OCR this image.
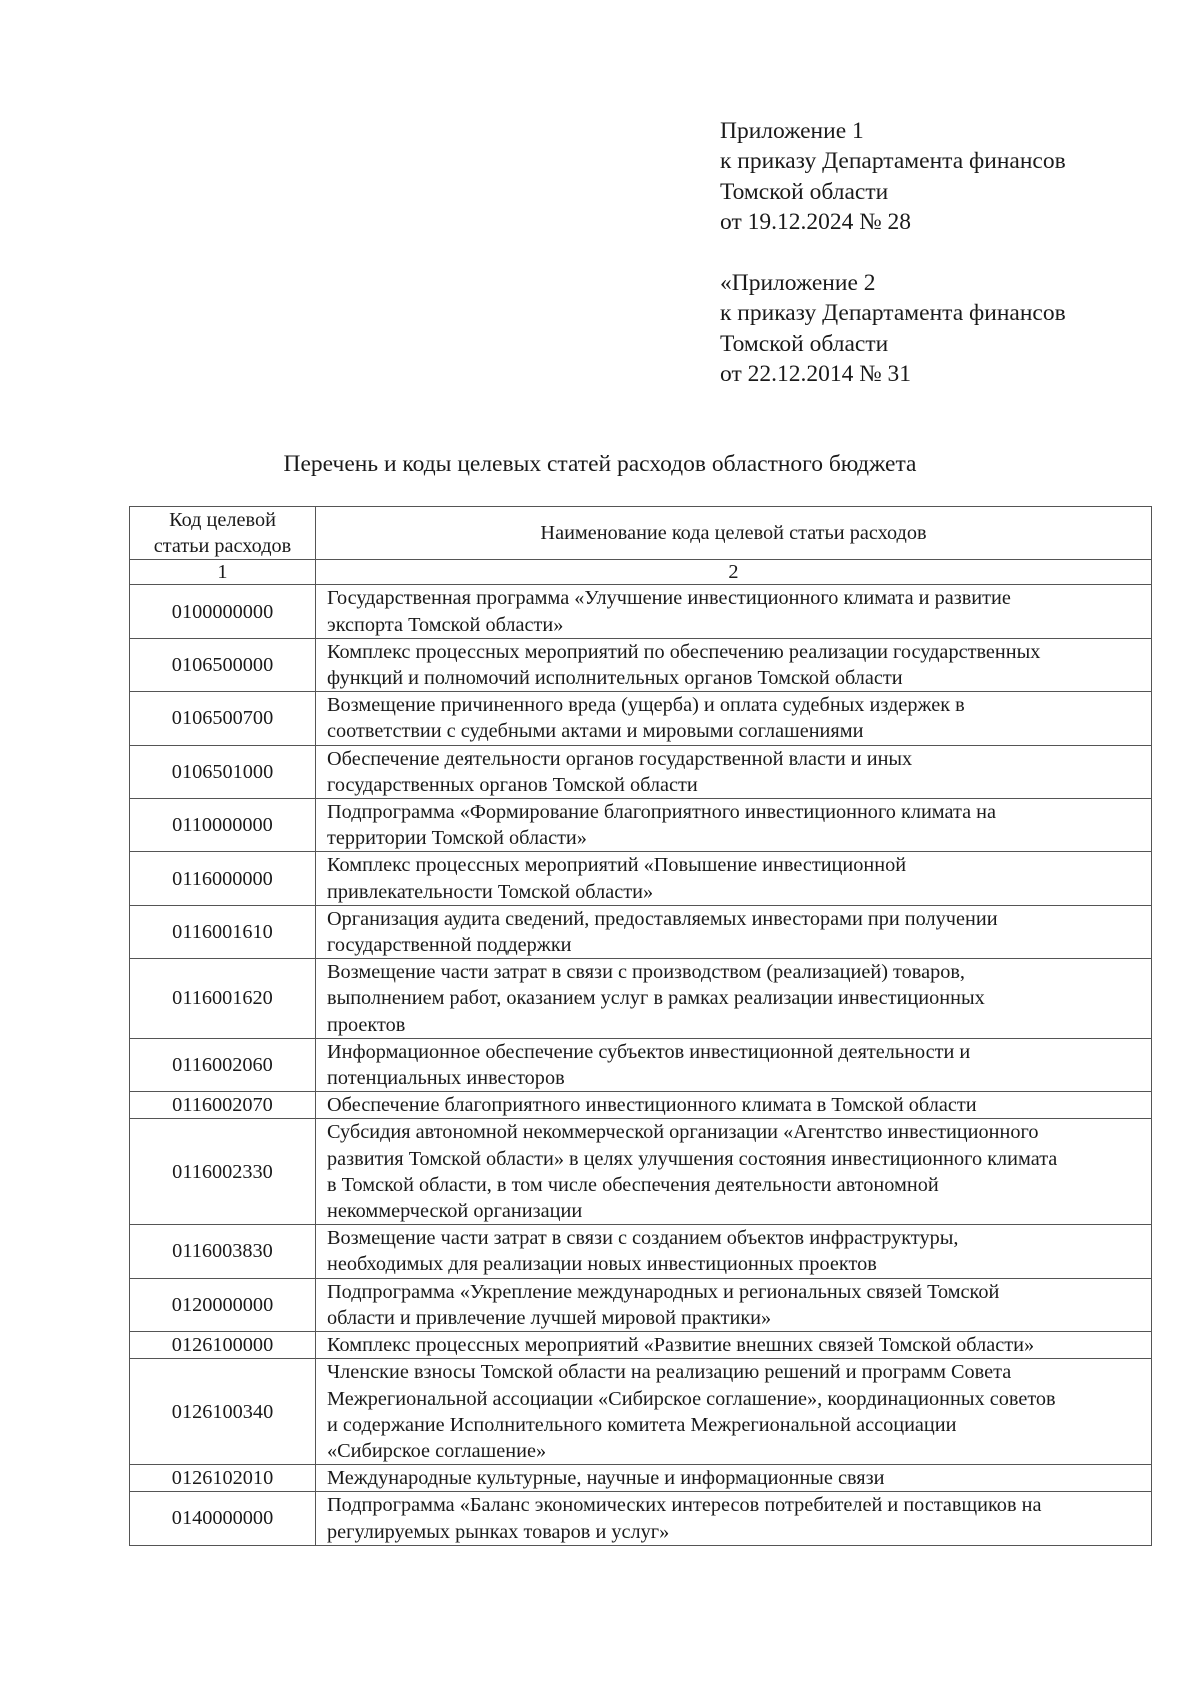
Приложение 1
к приказу Департамента финансов
Томской области
от 19.12.2024 № 28
«Приложение 2
к приказу Департамента финансов
Томской области
от 22.12.2014 № 31
Перечень и коды целевых статей расходов областного бюджета
Код целевой
статьи расходов	Наименование кода целевой статьи расходов
1	2
0100000000	Государственная программа «Улучшение инвестиционного климата и развитие
экспорта Томской области»

0106500000	Комплекс процессных мероприятий по обеспечению реализации государственных
функций и полномочий исполнительных органов Томской области

0106500700	Возмещение причиненного вреда (ущерба) и оплата судебных издержек в
соответствии с судебными актами и мировыми соглашениями

0106501000	Обеспечение деятельности органов государственной власти и иных
государственных органов Томской области

0110000000	Подпрограмма «Формирование благоприятного инвестиционного климата на
территории Томской области»

0116000000	Комплекс процессных мероприятий «Повышение инвестиционной
привлекательности Томской области»

0116001610	Организация аудита сведений, предоставляемых инвесторами при получении
государственной поддержки

0116001620	Возмещение части затрат в связи с производством (реализацией) товаров,
выполнением работ, оказанием услуг в рамках реализации инвестиционных
проектов

0116002060	Информационное обеспечение субъектов инвестиционной деятельности и
потенциальных инвесторов

0116002070	Обеспечение благоприятного инвестиционного климата в Томской области

0116002330	Субсидия автономной некоммерческой организации «Агентство инвестиционного
развития Томской области» в целях улучшения состояния инвестиционного климата
в Томской области, в том числе обеспечения деятельности автономной
некоммерческой организации

0116003830	Возмещение части затрат в связи с созданием объектов инфраструктуры,
необходимых для реализации новых инвестиционных проектов

0120000000	Подпрограмма «Укрепление международных и региональных связей Томской
области и привлечение лучшей мировой практики»

0126100000	Комплекс процессных мероприятий «Развитие внешних связей Томской области»

0126100340	Членские взносы Томской области на реализацию решений и программ Совета
Межрегиональной ассоциации «Сибирское соглашение», координационных советов
и содержание Исполнительного комитета Межрегиональной ассоциации
«Сибирское соглашение»

0126102010	Международные культурные, научные и информационные связи

0140000000	Подпрограмма «Баланс экономических интересов потребителей и поставщиков на
регулируемых рынках товаров и услуг»
